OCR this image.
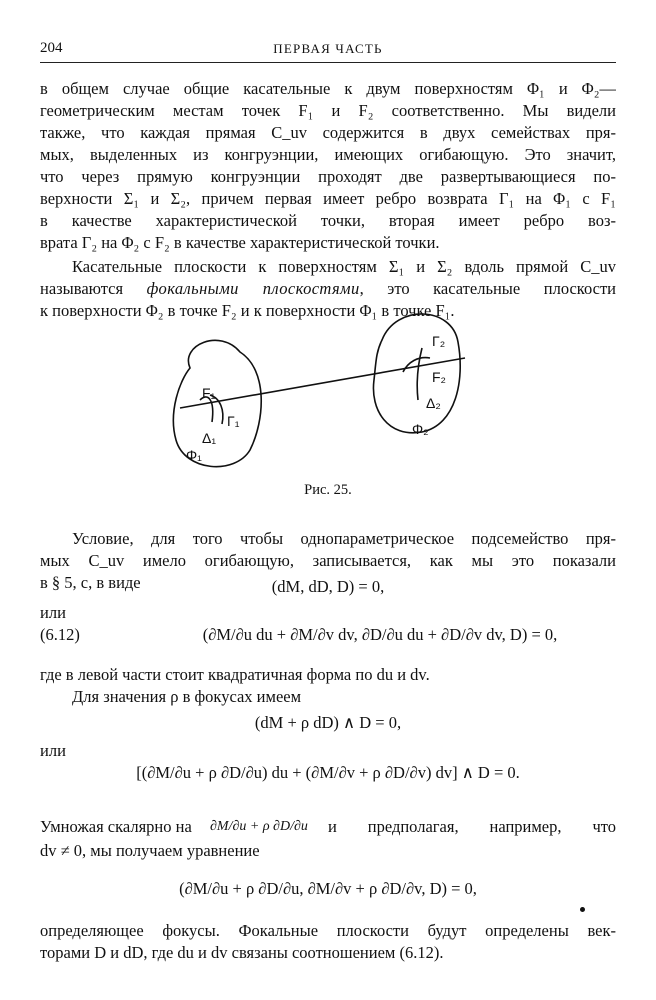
204	ПЕРВАЯ ЧАСТЬ
в общем случае общие касательные к двум поверхностям Φ₁ и Φ₂—
геометрическим местам точек F₁ и F₂ соответственно. Мы видели
также, что каждая прямая C_uv содержится в двух семействах пря-
мых, выделенных из конгруэнции, имеющих огибающую. Это значит,
что через прямую конгруэнции проходят две развертывающиеся по-
верхности Σ₁ и Σ₂, причем первая имеет ребро возврата Γ₁ на Φ₁ с F₁
в качестве характеристической точки, вторая имеет ребро воз-
врата Γ₂ на Φ₂ с F₂ в качестве характеристической точки.
Касательные плоскости к поверхностям Σ₁ и Σ₂ вдоль прямой C_uv
называются фокальными плоскостями, это касательные плоскости
к поверхности Φ₂ в точке F₂ и к поверхности Φ₁ в точке F₁.
F₁
Γ₁
Δ₁
Φ₁
Γ₂
F₂
Δ₂
Φ₂
Рис. 25.
Условие, для того чтобы однопараметрическое подсемейство пря-
мых C_uv имело огибающую, записывается, как мы это показали
в § 5, c, в виде	(dM, dD, D) = 0,
или
(6.12)	(∂M/∂u du + ∂M/∂v dv, ∂D/∂u du + ∂D/∂v dv, D) = 0,
где в левой части стоит квадратичная форма по du и dv.
Для значения ρ в фокусах имеем
(dM + ρ dD) ∧ D = 0,
или
[(∂M/∂u + ρ ∂D/∂u) du + (∂M/∂v + ρ ∂D/∂v) dv] ∧ D = 0.
Умножая скалярно на	∂M/∂u + ρ ∂D/∂u	и предполагая, например, что
dv ≠ 0, мы получаем уравнение
(∂M/∂u + ρ ∂D/∂u, ∂M/∂v + ρ ∂D/∂v, D) = 0,
определяющее фокусы. Фокальные плоскости будут определены век-
торами D и dD, где du и dv связаны соотношением (6.12).
